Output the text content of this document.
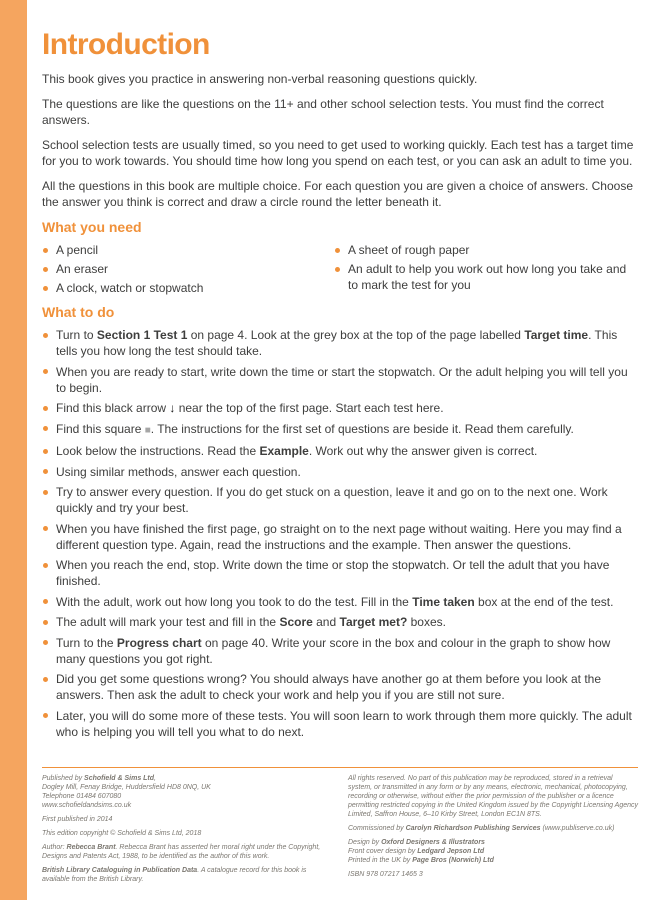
Introduction

This book gives you practice in answering non-verbal reasoning questions quickly.

The questions are like the questions on the 11+ and other school selection tests. You must find the correct answers.

School selection tests are usually timed, so you need to get used to working quickly. Each test has a target time for you to work towards. You should time how long you spend on each test, or you can ask an adult to time you.

All the questions in this book are multiple choice. For each question you are given a choice of answers. Choose the answer you think is correct and draw a circle round the letter beneath it.

What you need
A pencil
An eraser
A clock, watch or stopwatch
A sheet of rough paper
An adult to help you work out how long you take and to mark the test for you
What to do
Turn to Section 1 Test 1 on page 4. Look at the grey box at the top of the page labelled Target time. This tells you how long the test should take.
When you are ready to start, write down the time or start the stopwatch. Or the adult helping you will tell you to begin.
Find this black arrow ↓ near the top of the first page. Start each test here.
Find this square ■. The instructions for the first set of questions are beside it. Read them carefully.
Look below the instructions. Read the Example. Work out why the answer given is correct.
Using similar methods, answer each question.
Try to answer every question. If you do get stuck on a question, leave it and go on to the next one. Work quickly and try your best.
When you have finished the first page, go straight on to the next page without waiting. Here you may find a different question type. Again, read the instructions and the example. Then answer the questions.
When you reach the end, stop. Write down the time or stop the stopwatch. Or tell the adult that you have finished.
With the adult, work out how long you took to do the test. Fill in the Time taken box at the end of the test.
The adult will mark your test and fill in the Score and Target met? boxes.
Turn to the Progress chart on page 40. Write your score in the box and colour in the graph to show how many questions you got right.
Did you get some questions wrong? You should always have another go at them before you look at the answers. Then ask the adult to check your work and help you if you are still not sure.
Later, you will do some more of these tests. You will soon learn to work through them more quickly. The adult who is helping you will tell you what to do next.

Published by Schofield & Sims Ltd,

Dogley Mill, Fenay Bridge, Huddersfield HD8 0NQ, UK

Telephone 01484 607080

www.schofieldandsims.co.uk

First published in 2014

This edition copyright © Schofield & Sims Ltd, 2018

Author: Rebecca Brant. Rebecca Brant has asserted her moral right under the Copyright, Designs and Patents Act, 1988, to be identified as the author of this work.

British Library Cataloguing in Publication Data. A catalogue record for this book is available from the British Library.

All rights reserved. No part of this publication may be reproduced, stored in a retrieval system, or transmitted in any form or by any means, electronic, mechanical, photocopying, recording or otherwise, without either the prior permission of the publisher or a licence permitting restricted copying in the United Kingdom issued by the Copyright Licensing Agency Limited, Saffron House, 6–10 Kirby Street, London EC1N 8TS.

Commissioned by Carolyn Richardson Publishing Services (www.publiserve.co.uk)

Design by Oxford Designers & Illustrators

Front cover design by Ledgard Jepson Ltd

Printed in the UK by Page Bros (Norwich) Ltd

ISBN 978 07217 1465 3
